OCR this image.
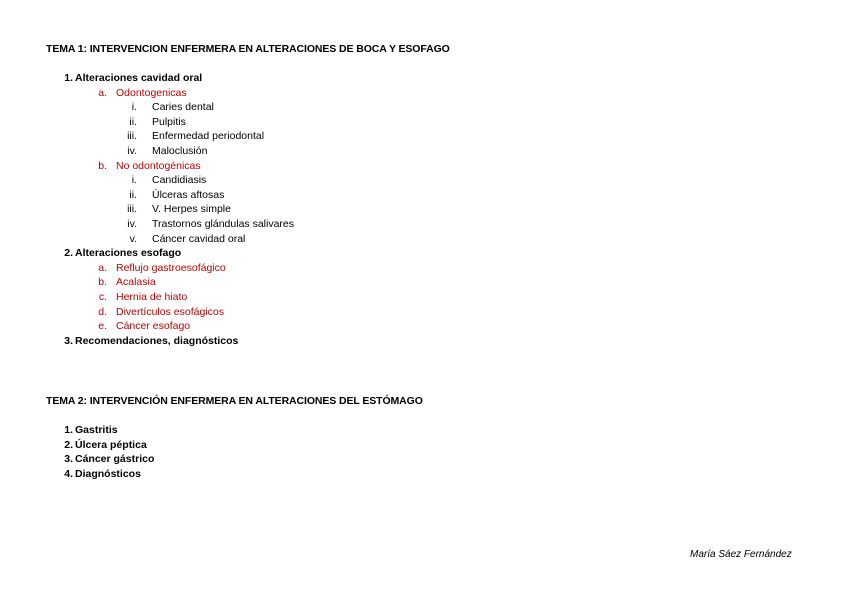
TEMA 1: INTERVENCION ENFERMERA EN ALTERACIONES DE BOCA Y ESOFAGO
1. Alteraciones cavidad oral
a. Odontogenicas
i. Caries dental
ii. Pulpitis
iii. Enfermedad periodontal
iv. Maloclusión
b. No odontogénicas
i. Candidiasis
ii. Úlceras aftosas
iii. V. Herpes simple
iv. Trastornos glándulas salivares
v. Cáncer cavidad oral
2. Alteraciones esofago
a. Reflujo gastroesofágico
b. Acalasia
c. Hernia de hiato
d. Divertículos esofágicos
e. Cáncer esofago
3. Recomendaciones, diagnósticos
TEMA 2: INTERVENCIÓN ENFERMERA EN ALTERACIONES DEL ESTÓMAGO
1. Gastritis
2. Úlcera péptica
3. Cáncer gástrico
4. Diagnósticos
María Sáez Fernández
